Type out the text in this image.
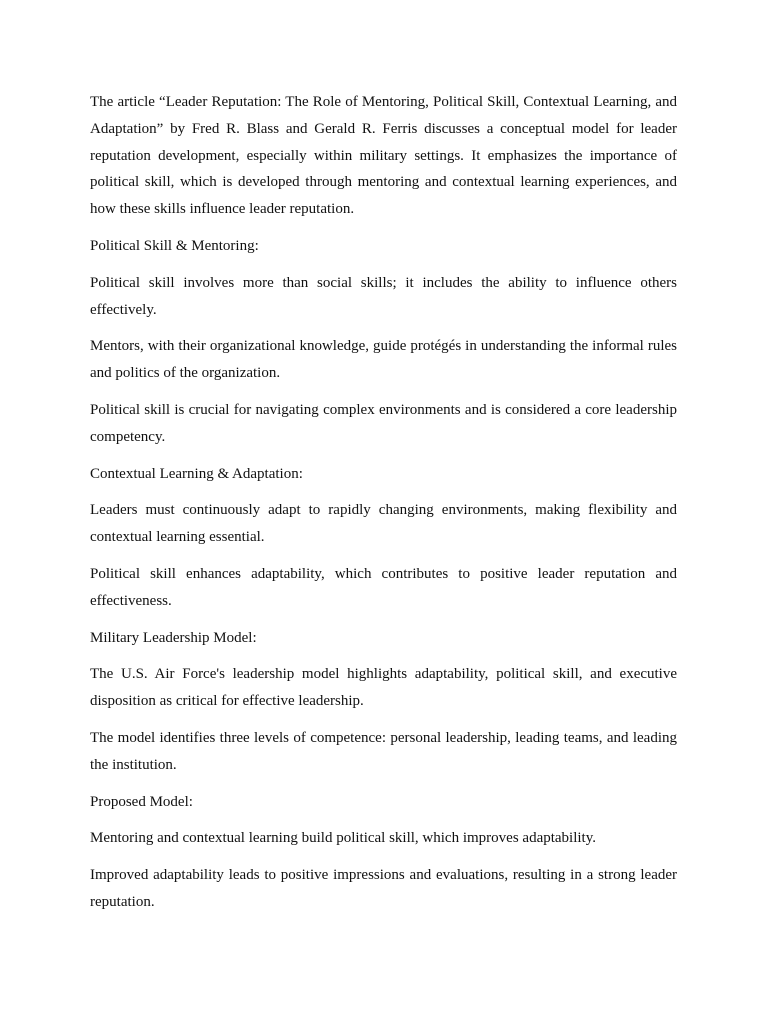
The article “Leader Reputation: The Role of Mentoring, Political Skill, Contextual Learning, and Adaptation” by Fred R. Blass and Gerald R. Ferris discusses a conceptual model for leader reputation development, especially within military settings. It emphasizes the importance of political skill, which is developed through mentoring and contextual learning experiences, and how these skills influence leader reputation.

Political Skill & Mentoring:

Political skill involves more than social skills; it includes the ability to influence others effectively.

Mentors, with their organizational knowledge, guide protégés in understanding the informal rules and politics of the organization.

Political skill is crucial for navigating complex environments and is considered a core leadership competency.

Contextual Learning & Adaptation:

Leaders must continuously adapt to rapidly changing environments, making flexibility and contextual learning essential.

Political skill enhances adaptability, which contributes to positive leader reputation and effectiveness.

Military Leadership Model:

The U.S. Air Force's leadership model highlights adaptability, political skill, and executive disposition as critical for effective leadership.

The model identifies three levels of competence: personal leadership, leading teams, and leading the institution.

Proposed Model:

Mentoring and contextual learning build political skill, which improves adaptability.

Improved adaptability leads to positive impressions and evaluations, resulting in a strong leader reputation.
